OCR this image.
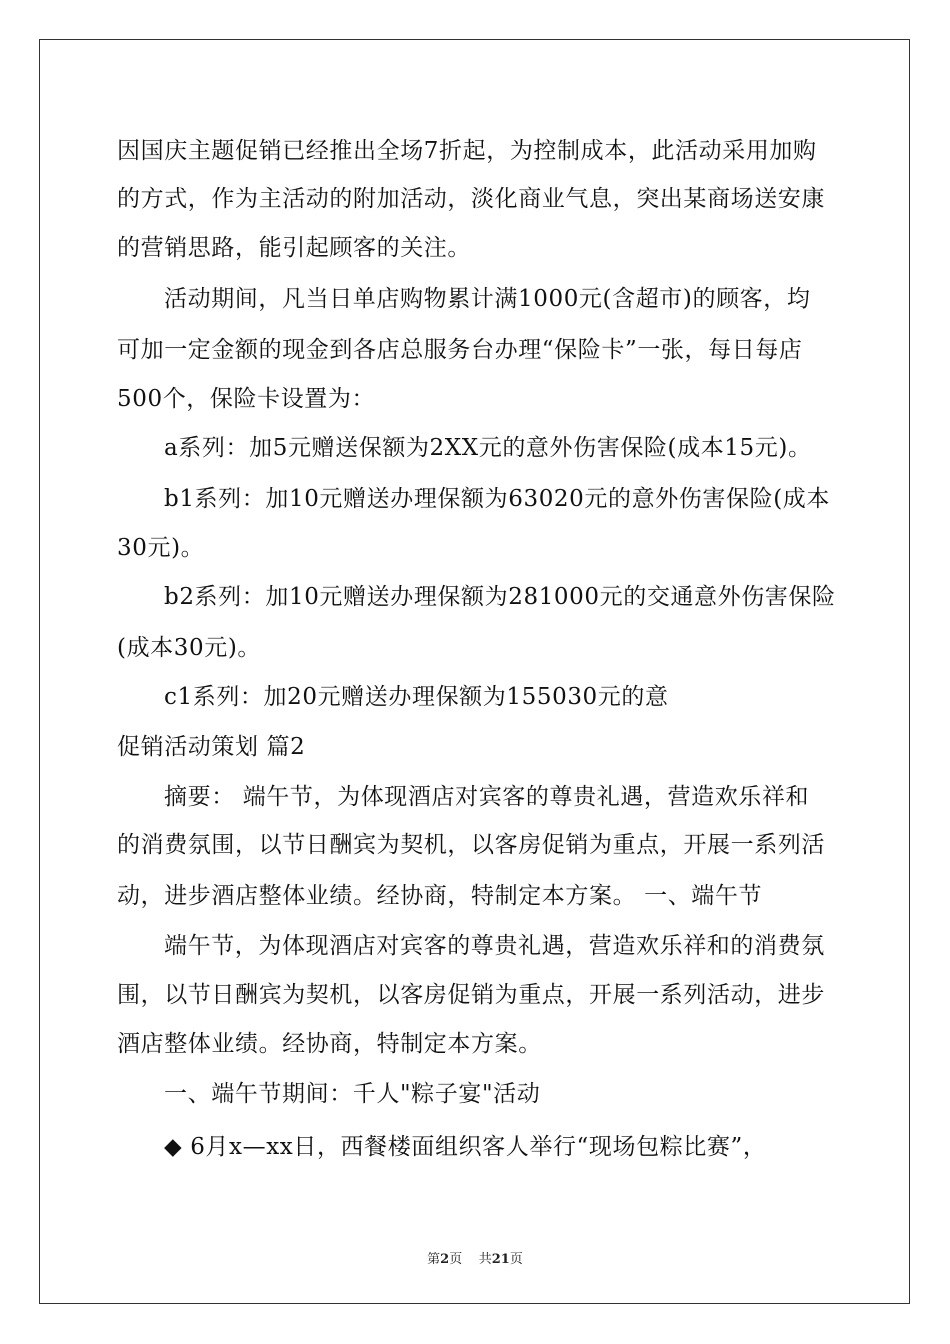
因国庆主题促销已经推出全场7折起，为控制成本，此活动采用加购
的方式，作为主活动的附加活动，淡化商业气息，突出某商场送安康
的营销思路，能引起顾客的关注。
活动期间，凡当日单店购物累计满1000元(含超市)的顾客，均
可加一定金额的现金到各店总服务台办理“保险卡”一张，每日每店
500个，保险卡设置为：
a系列：加5元赠送保额为2XX元的意外伤害保险(成本15元)。
b1系列：加10元赠送办理保额为63020元的意外伤害保险(成本
30元)。
b2系列：加10元赠送办理保额为281000元的交通意外伤害保险
(成本30元)。
c1系列：加20元赠送办理保额为155030元的意
促销活动策划 篇2
摘要： 端午节，为体现酒店对宾客的尊贵礼遇，营造欢乐祥和
的消费氛围，以节日酬宾为契机，以客房促销为重点，开展一系列活
动，进步酒店整体业绩。经协商，特制定本方案。 一、端午节
端午节，为体现酒店对宾客的尊贵礼遇，营造欢乐祥和的消费氛
围，以节日酬宾为契机，以客房促销为重点，开展一系列活动，进步
酒店整体业绩。经协商，特制定本方案。
一、端午节期间：千人"粽子宴"活动
◆ 6月x—xx日，西餐楼面组织客人举行“现场包粽比赛”，
第2页 共21页
